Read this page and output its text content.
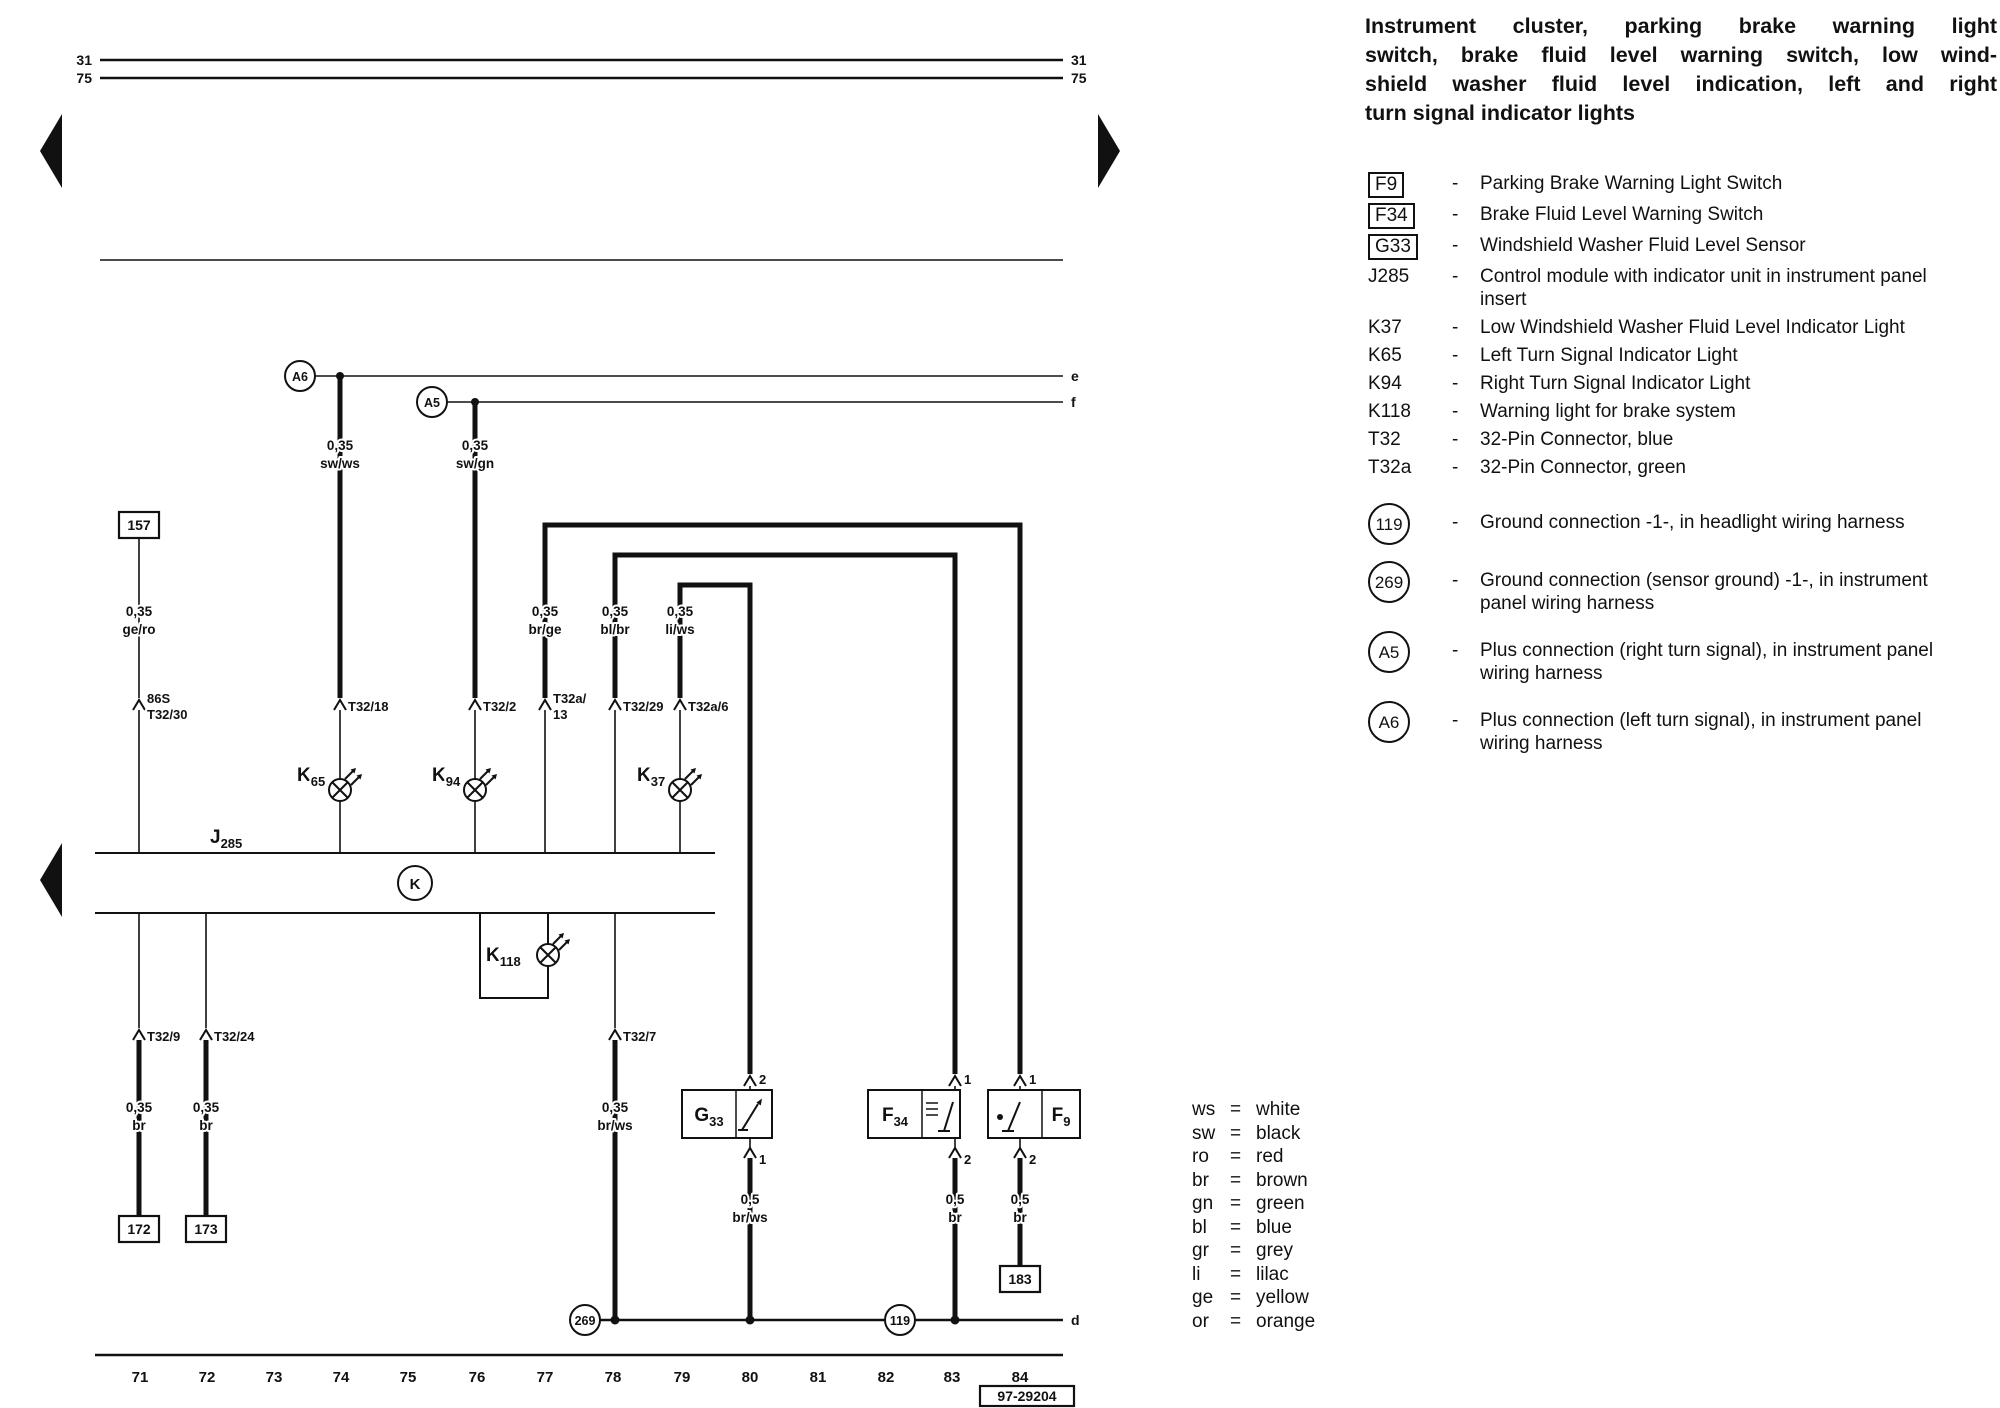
31	31
75	75
A6	e
A5	f
0,35
sw/ws
T32/18
$K_{65}$
0,35
sw/gn
T32/2
$K_{94}$
157
0,35
ge/ro
86S
T32/30
0,35
br/ge
T32a/
13
0,35
bl/br
T32/29
0,35
li/ws
T32a/6
$K_{37}$
$J_{285}$
K
$K_{118}$
T32/9
0,35
br
172
T32/24
0,35
br
173
T32/7
0,35
br/ws
2
$G_{33}$
1
0,5
br/ws
1
$F_{34}$
2
0,5
br
1
$F_9$
2
0,5
br
183
269	119	d
71	72	73	74	75	76	77	78	79	80	81	82	83	84
97-29204
Instrument cluster, parking brake warning light
switch, brake fluid level warning switch, low wind-
shield washer fluid level indication, left and right
turn signal indicator lights
F9	-	Parking Brake Warning Light Switch
F34	-	Brake Fluid Level Warning Switch
G33	-	Windshield Washer Fluid Level Sensor
J285	-	Control module with indicator unit in instrument panel insert
K37	-	Low Windshield Washer Fluid Level Indicator Light
K65	-	Left Turn Signal Indicator Light
K94	-	Right Turn Signal Indicator Light
K118	-	Warning light for brake system
T32	-	32-Pin Connector, blue
T32a	-	32-Pin Connector, green
119	-	Ground connection -1-, in headlight wiring harness
269	-	Ground connection (sensor ground) -1-, in instrument panel wiring harness
A5	-	Plus connection (right turn signal), in instrument panel wiring harness
A6	-	Plus connection (left turn signal), in instrument panel wiring harness
ws = white
sw = black
ro	= red
br	= brown
gn = green
bl	= blue
gr	= grey
li	= lilac
ge = yellow
or	= orange
